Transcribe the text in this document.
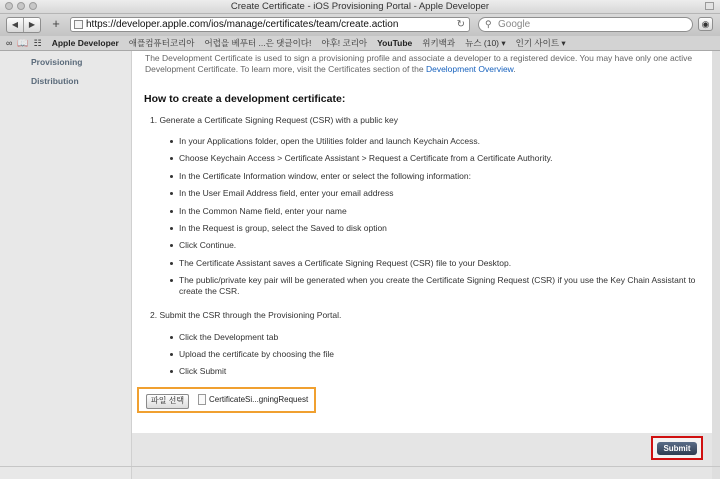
Create Certificate - iOS Provisioning Portal - Apple Developer
◀	▶	+	https://developer.apple.com/ios/manage/certificates/team/create.action	↻ ⚲ Google	◉
∞ 📖 ☷ Apple Developer 애플컴퓨터코리아 어렵을 베푸터 ...은 댓글이다! 야후! 코리아 YouTube 위키백과 뉴스 (10) ▾ 인기 사이트 ▾
Provisioning
Distribution
The Development Certificate is used to sign a provisioning profile and associate a developer to a registered device. You may have only one active Development Certificate. To learn more, visit the Certificates section of the Development Overview.
How to create a development certificate:
1. Generate a Certificate Signing Request (CSR) with a public key
In your Applications folder, open the Utilities folder and launch Keychain Access.
Choose Keychain Access > Certificate Assistant > Request a Certificate from a Certificate Authority.
In the Certificate Information window, enter or select the following information:
In the User Email Address field, enter your email address
In the Common Name field, enter your name
In the Request is group, select the Saved to disk option
Click Continue.
The Certificate Assistant saves a Certificate Signing Request (CSR) file to your Desktop.
The public/private key pair will be generated when you create the Certificate Signing Request (CSR) if you use the Key Chain Assistant to create the CSR.
2. Submit the CSR through the Provisioning Portal.
Click the Development tab
Upload the certificate by choosing the file
Click Submit
파일 선택	CertificateSi...gningRequest
Submit
